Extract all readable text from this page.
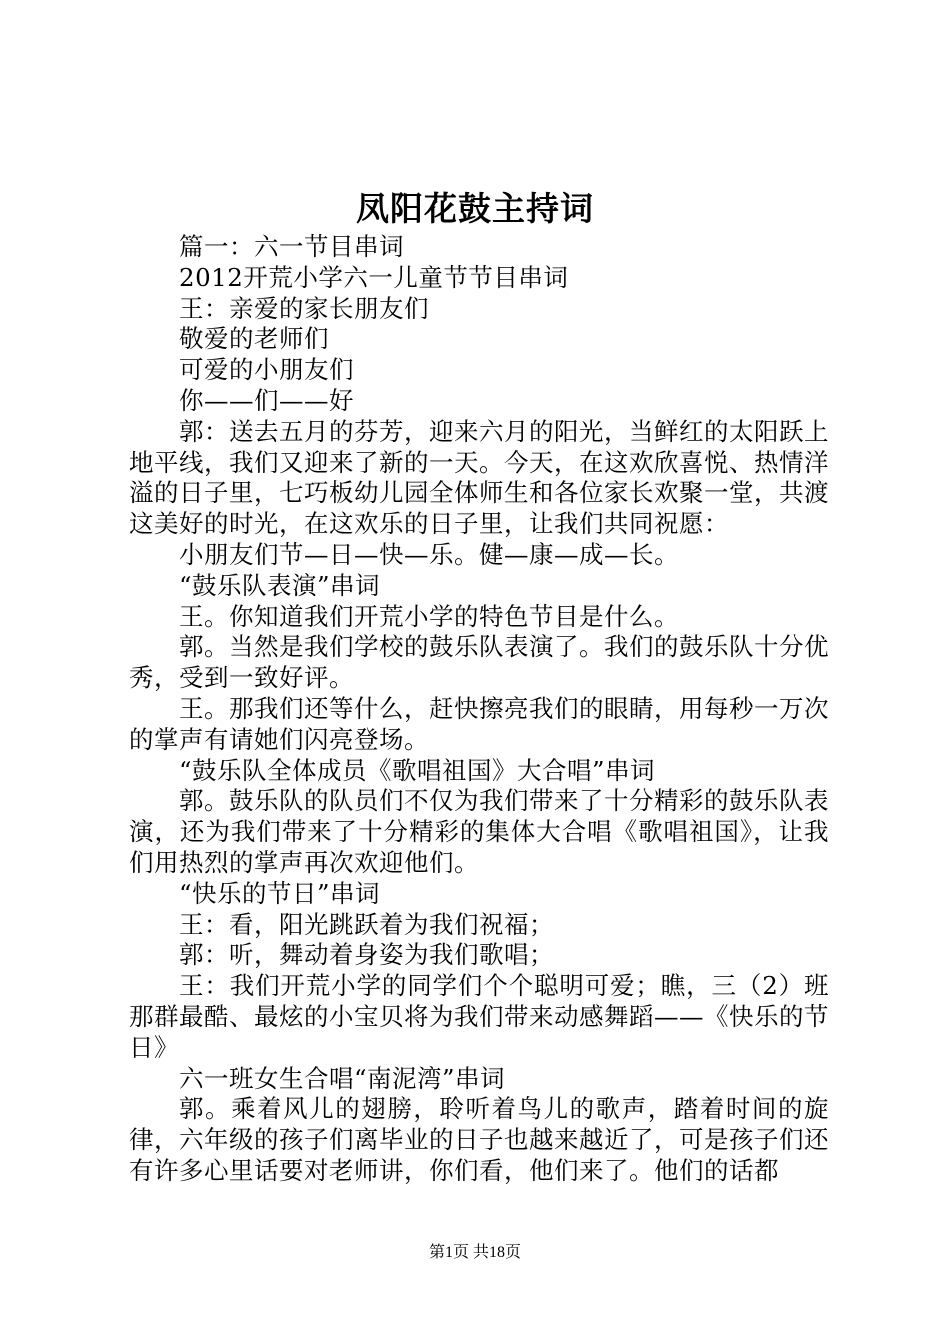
凤阳花鼓主持词

篇一：六一节目串词

2012开荒小学六一儿童节节目串词

王：亲爱的家长朋友们

敬爱的老师们

可爱的小朋友们

你——们——好

郭：送去五月的芬芳，迎来六月的阳光，当鲜红的太阳跃上地平线，我们又迎来了新的一天。今天，在这欢欣喜悦、热情洋溢的日子里，七巧板幼儿园全体师生和各位家长欢聚一堂，共渡这美好的时光，在这欢乐的日子里，让我们共同祝愿：

小朋友们节—日—快—乐。健—康—成—长。

“鼓乐队表演”串词

王。你知道我们开荒小学的特色节目是什么。

郭。当然是我们学校的鼓乐队表演了。我们的鼓乐队十分优秀，受到一致好评。

王。那我们还等什么，赶快擦亮我们的眼睛，用每秒一万次的掌声有请她们闪亮登场。

“鼓乐队全体成员《歌唱祖国》大合唱”串词

郭。鼓乐队的队员们不仅为我们带来了十分精彩的鼓乐队表演，还为我们带来了十分精彩的集体大合唱《歌唱祖国》，让我们用热烈的掌声再次欢迎他们。

“快乐的节日”串词

王：看，阳光跳跃着为我们祝福；

郭：听，舞动着身姿为我们歌唱；

王：我们开荒小学的同学们个个聪明可爱；瞧，三（2）班那群最酷、最炫的小宝贝将为我们带来动感舞蹈——《快乐的节日》

六一班女生合唱“南泥湾”串词

郭。乘着风儿的翅膀，聆听着鸟儿的歌声，踏着时间的旋律，六年级的孩子们离毕业的日子也越来越近了，可是孩子们还有许多心里话要对老师讲，你们看，他们来了。他们的话都

第1页 共18页
